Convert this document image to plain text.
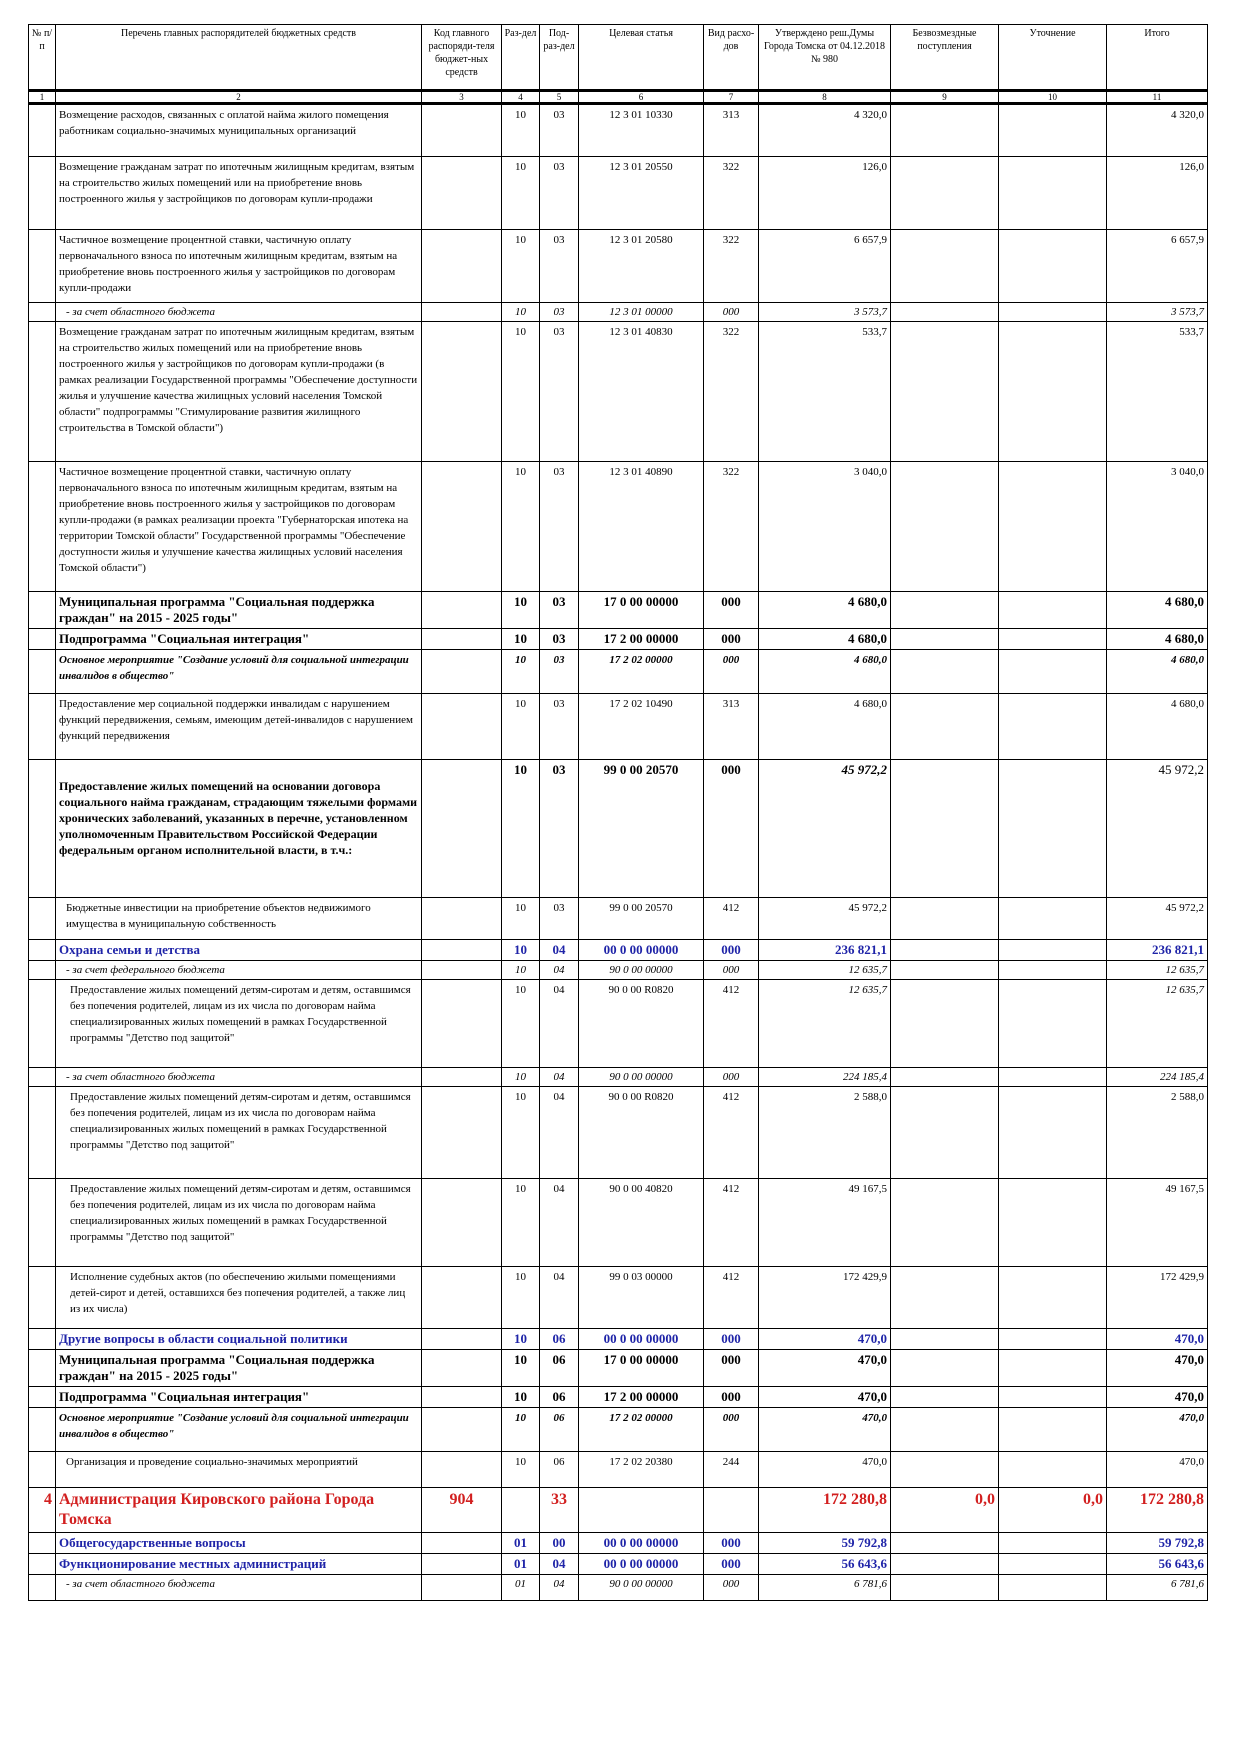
№ п/п	Перечень главных распорядителей бюджетных средств	Код главного распоряди-теля бюджет-ных средств	Раз-дел	Под-раз-дел	Целевая статья	Вид расхо-дов	Утверждено реш.Думы Города Томска от 04.12.2018 № 980	Безвозмездные поступления	Уточнение	Итого
1	2	3	4	5	6	7	8	9	10	11
	Возмещение расходов, связанных с оплатой найма жилого помещения работникам социально-значимых муниципальных организаций		10	03	12 3 01 10330	313	4 320,0			4 320,0
	Возмещение гражданам затрат по ипотечным жилищным кредитам, взятым на строительство жилых помещений или на приобретение вновь построенного жилья у застройщиков по договорам купли-продажи		10	03	12 3 01 20550	322	126,0			126,0
	Частичное возмещение процентной ставки, частичную оплату первоначального взноса по ипотечным жилищным кредитам, взятым на приобретение вновь построенного жилья у застройщиков по договорам купли-продажи		10	03	12 3 01 20580	322	6 657,9			6 657,9
	- за счет областного бюджета		10	03	12 3 01 00000	000	3 573,7			3 573,7
	Возмещение гражданам затрат по ипотечным жилищным кредитам, взятым на строительство жилых помещений или на приобретение вновь построенного жилья у застройщиков по договорам купли-продажи (в рамках реализации Государственной программы "Обеспечение доступности жилья и улучшение качества жилищных условий населения Томской области" подпрограммы "Стимулирование развития жилищного строительства в Томской области")		10	03	12 3 01 40830	322	533,7			533,7
	Частичное возмещение процентной ставки, частичную оплату первоначального взноса по ипотечным жилищным кредитам, взятым на приобретение вновь построенного жилья у застройщиков по договорам купли-продажи (в рамках реализации проекта "Губернаторская ипотека на территории Томской области" Государственной программы "Обеспечение доступности жилья и улучшение качества жилищных условий населения Томской области")		10	03	12 3 01 40890	322	3 040,0			3 040,0
	Муниципальная программа "Социальная поддержка граждан" на 2015 - 2025 годы"		10	03	17 0 00 00000	000	4 680,0			4 680,0
	Подпрограмма "Социальная интеграция"		10	03	17 2 00 00000	000	4 680,0			4 680,0
	Основное мероприятие "Создание условий для социальной интеграции инвалидов в общество"		10	03	17 2 02 00000	000	4 680,0			4 680,0
	Предоставление мер социальной поддержки инвалидам с нарушением функций передвижения, семьям, имеющим детей-инвалидов с нарушением функций передвижения		10	03	17 2 02 10490	313	4 680,0			4 680,0
	Предоставление жилых помещений на основании договора социального найма гражданам, страдающим тяжелыми формами хронических заболеваний, указанных в перечне, установленном уполномоченным Правительством Российской Федерации федеральным органом исполнительной власти, в т.ч.:		10	03	99 0 00 20570	000	45 972,2			45 972,2
	Бюджетные инвестиции на приобретение объектов недвижимого имущества в муниципальную собственность		10	03	99 0 00 20570	412	45 972,2			45 972,2
	Охрана семьи и детства		10	04	00 0 00 00000	000	236 821,1			236 821,1
	- за счет федерального бюджета		10	04	90 0 00 00000	000	12 635,7			12 635,7
	Предоставление жилых помещений детям-сиротам и детям, оставшимся без попечения родителей, лицам из их числа по договорам найма специализированных жилых помещений в рамках Государственной программы "Детство под защитой"		10	04	90 0 00 R0820	412	12 635,7			12 635,7
	- за счет областного бюджета		10	04	90 0 00 00000	000	224 185,4			224 185,4
	Предоставление жилых помещений детям-сиротам и детям, оставшимся без попечения родителей, лицам из их числа по договорам найма специализированных жилых помещений в рамках Государственной программы "Детство под защитой"		10	04	90 0 00 R0820	412	2 588,0			2 588,0
	Предоставление жилых помещений детям-сиротам и детям, оставшимся без попечения родителей, лицам из их числа по договорам найма специализированных жилых помещений в рамках Государственной программы "Детство под защитой"		10	04	90 0 00 40820	412	49 167,5			49 167,5
	Исполнение судебных актов (по обеспечению жилыми помещениями детей-сирот и детей, оставшихся без попечения родителей, а также лиц из их числа)		10	04	99 0 03 00000	412	172 429,9			172 429,9
	Другие вопросы в области социальной политики		10	06	00 0 00 00000	000	470,0			470,0
	Муниципальная программа "Социальная поддержка граждан" на 2015 - 2025 годы"		10	06	17 0 00 00000	000	470,0			470,0
	Подпрограмма "Социальная интеграция"		10	06	17 2 00 00000	000	470,0			470,0
	Основное мероприятие "Создание условий для социальной интеграции инвалидов в общество"		10	06	17 2 02 00000	000	470,0			470,0
	Организация и проведение социально-значимых мероприятий		10	06	17 2 02 20380	244	470,0			470,0
4	Администрация Кировского района Города Томска	904		33			172 280,8	0,0	0,0	172 280,8
	Общегосударственные вопросы		01	00	00 0 00 00000	000	59 792,8			59 792,8
	Функционирование местных администраций		01	04	00 0 00 00000	000	56 643,6			56 643,6
	- за счет областного бюджета		01	04	90 0 00 00000	000	6 781,6			6 781,6
